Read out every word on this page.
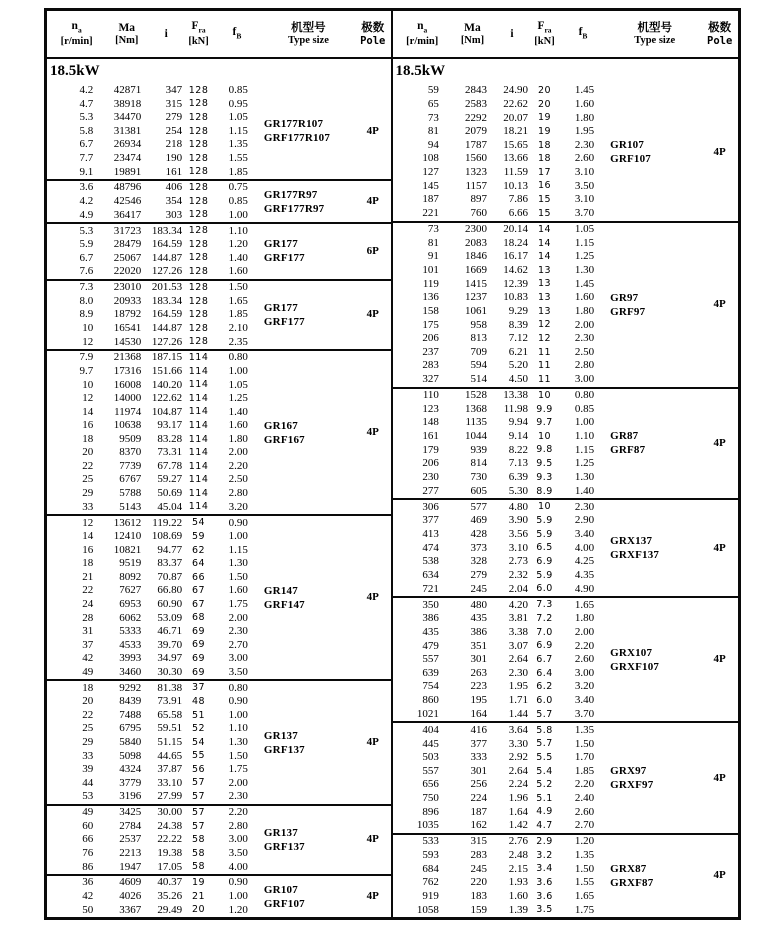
$n_a$
[r/min]

Ma
[Nm]

i

$F_{ra}$
[kN]

$f_B$

机型号
Type size

极数
Pole

18.5kW						
4.2	42871	347	128	0.85	GR177R107
GRF177R107	4P
4.7	38918	315	128	0.95		
5.3	34470	279	128	1.05		
5.8	31381	254	128	1.15		
6.7	26934	218	128	1.35		
7.7	23474	190	128	1.55		
9.1	19891	161	128	1.85		
3.6	48796	406	128	0.75	GR177R97
GRF177R97	4P
4.2	42546	354	128	0.85		
4.9	36417	303	128	1.00		
5.3	31723	183.34	128	1.10	GR177
GRF177	6P
5.9	28479	164.59	128	1.20		
6.7	25067	144.87	128	1.40		
7.6	22020	127.26	128	1.60		
7.3	23010	201.53	128	1.50	GR177
GRF177	4P
8.0	20933	183.34	128	1.65		
8.9	18792	164.59	128	1.85		
10	16541	144.87	128	2.10		
12	14530	127.26	128	2.35		
7.9	21368	187.15	114	0.80	GR167
GRF167	4P
9.7	17316	151.66	114	1.00		
10	16008	140.20	114	1.05		
12	14000	122.62	114	1.25		
14	11974	104.87	114	1.40		
16	10638	93.17	114	1.60		
18	9509	83.28	114	1.80		
20	8370	73.31	114	2.00		
22	7739	67.78	114	2.20		
25	6767	59.27	114	2.50		
29	5788	50.69	114	2.80		
33	5143	45.04	114	3.20		
12	13612	119.22	54	0.90	GR147
GRF147	4P
14	12410	108.69	59	1.00		
16	10821	94.77	62	1.15		
18	9519	83.37	64	1.30		
21	8092	70.87	66	1.50		
22	7627	66.80	67	1.60		
24	6953	60.90	67	1.75		
28	6062	53.09	68	2.00		
31	5333	46.71	69	2.30		
37	4533	39.70	69	2.70		
42	3993	34.97	69	3.00		
49	3460	30.30	69	3.50		
18	9292	81.38	37	0.80	GR137
GRF137	4P
20	8439	73.91	48	0.90		
22	7488	65.58	51	1.00		
25	6795	59.51	52	1.10		
29	5840	51.15	54	1.30		
33	5098	44.65	55	1.50		
39	4324	37.87	56	1.75		
44	3779	33.10	57	2.00		
53	3196	27.99	57	2.30		
49	3425	30.00	57	2.20	GR137
GRF137	4P
60	2784	24.38	57	2.80		
66	2537	22.22	58	3.00		
76	2213	19.38	58	3.50		
86	1947	17.05	58	4.00		
36	4609	40.37	19	0.90	GR107
GRF107	4P
42	4026	35.26	21	1.00		
50	3367	29.49	20	1.20		
$n_a$
[r/min]

Ma
[Nm]

i

$F_{ra}$
[kN]

$f_B$

机型号
Type size

极数
Pole

18.5kW						
59	2843	24.90	20	1.45	GR107
GRF107	4P
65	2583	22.62	20	1.60		
73	2292	20.07	19	1.80		
81	2079	18.21	19	1.95		
94	1787	15.65	18	2.30		
108	1560	13.66	18	2.60		
127	1323	11.59	17	3.10		
145	1157	10.13	16	3.50		
187	897	7.86	15	3.10		
221	760	6.66	15	3.70		
73	2300	20.14	14	1.05	GR97
GRF97	4P
81	2083	18.24	14	1.15		
91	1846	16.17	14	1.25		
101	1669	14.62	13	1.30		
119	1415	12.39	13	1.45		
136	1237	10.83	13	1.60		
158	1061	9.29	13	1.80		
175	958	8.39	12	2.00		
206	813	7.12	12	2.30		
237	709	6.21	11	2.50		
283	594	5.20	11	2.80		
327	514	4.50	11	3.00		
110	1528	13.38	10	0.80	GR87
GRF87	4P
123	1368	11.98	9.9	0.85		
148	1135	9.94	9.7	1.00		
161	1044	9.14	10	1.10		
179	939	8.22	9.8	1.15		
206	814	7.13	9.5	1.25		
230	730	6.39	9.3	1.30		
277	605	5.30	8.9	1.40		
306	577	4.80	10	2.30	GRX137
GRXF137	4P
377	469	3.90	5.9	2.90		
413	428	3.56	5.9	3.40		
474	373	3.10	6.5	4.00		
538	328	2.73	6.9	4.25		
634	279	2.32	5.9	4.35		
721	245	2.04	6.0	4.90		
350	480	4.20	7.3	1.65	GRX107
GRXF107	4P
386	435	3.81	7.2	1.80		
435	386	3.38	7.0	2.00		
479	351	3.07	6.9	2.20		
557	301	2.64	6.7	2.60		
639	263	2.30	6.4	3.00		
754	223	1.95	6.2	3.20		
860	195	1.71	6.0	3.40		
1021	164	1.44	5.7	3.70		
404	416	3.64	5.8	1.35	GRX97
GRXF97	4P
445	377	3.30	5.7	1.50		
503	333	2.92	5.5	1.70		
557	301	2.64	5.4	1.85		
656	256	2.24	5.2	2.20		
750	224	1.96	5.1	2.40		
896	187	1.64	4.9	2.60		
1035	162	1.42	4.7	2.70		
533	315	2.76	2.9	1.20	GRX87
GRXF87	4P
593	283	2.48	3.2	1.35		
684	245	2.15	3.4	1.50		
762	220	1.93	3.6	1.55		
919	183	1.60	3.6	1.65		
1058	159	1.39	3.5	1.75		
